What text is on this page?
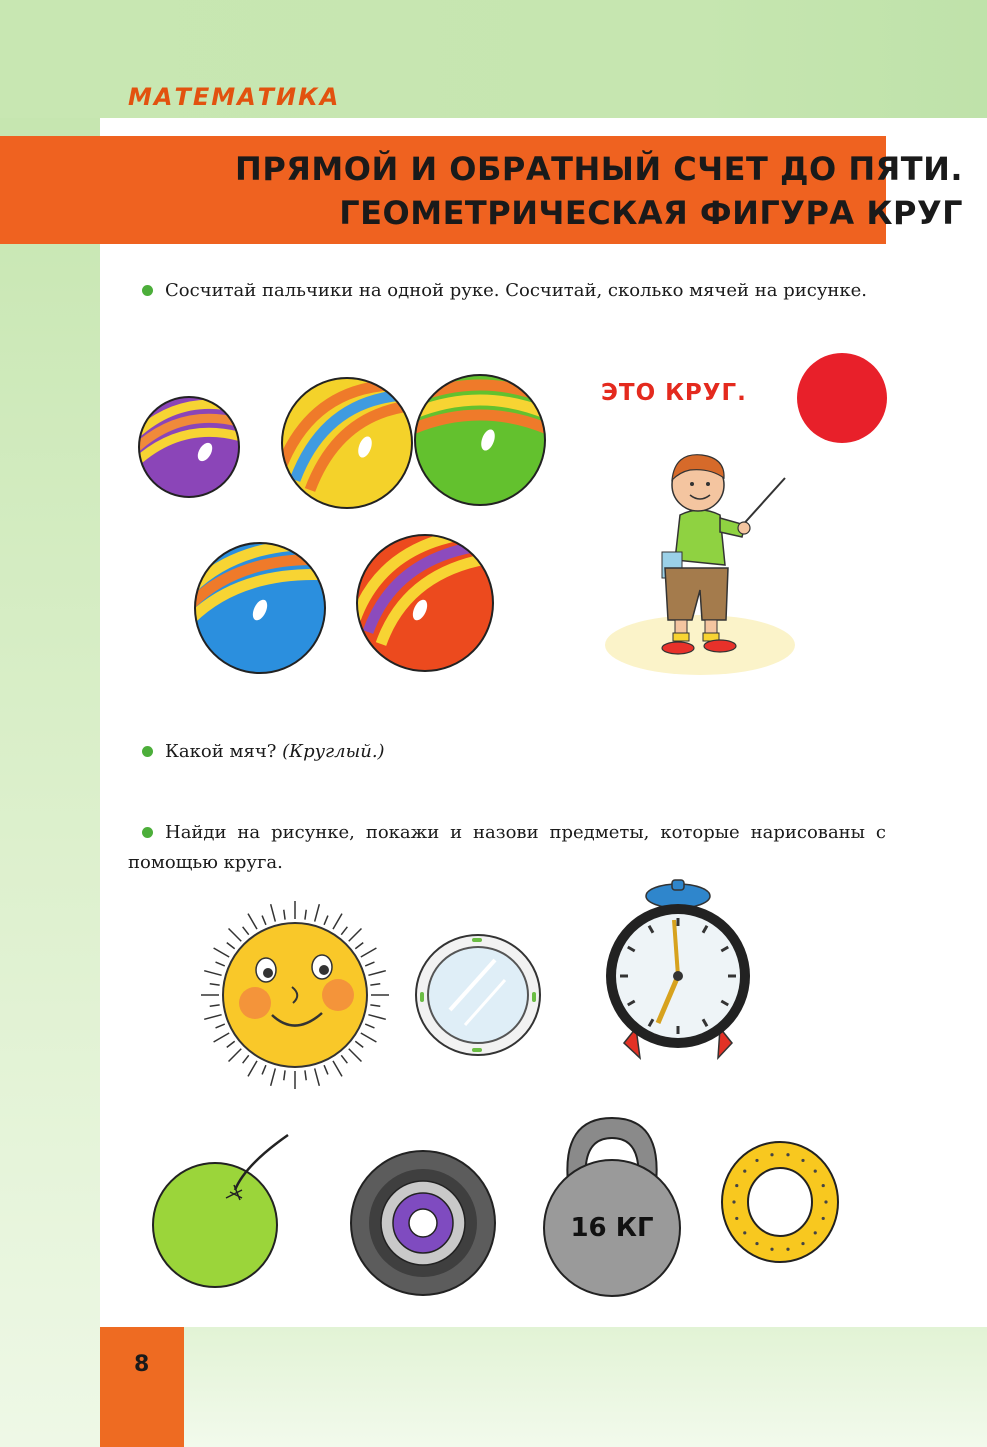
МАТЕМАТИКА
ПРЯМОЙ И ОБРАТНЫЙ СЧЕТ ДО ПЯТИ.
ГЕОМЕТРИЧЕСКАЯ ФИГУРА КРУГ
Сосчитай пальчики на одной руке. Сосчитай, сколько мячей на рисунке.
ЭТО КРУГ.
Какой мяч? (Круглый.)
Найди на рисунке, покажи и назови предметы, которые нарисованы с помощью круга.
16 КГ
8
